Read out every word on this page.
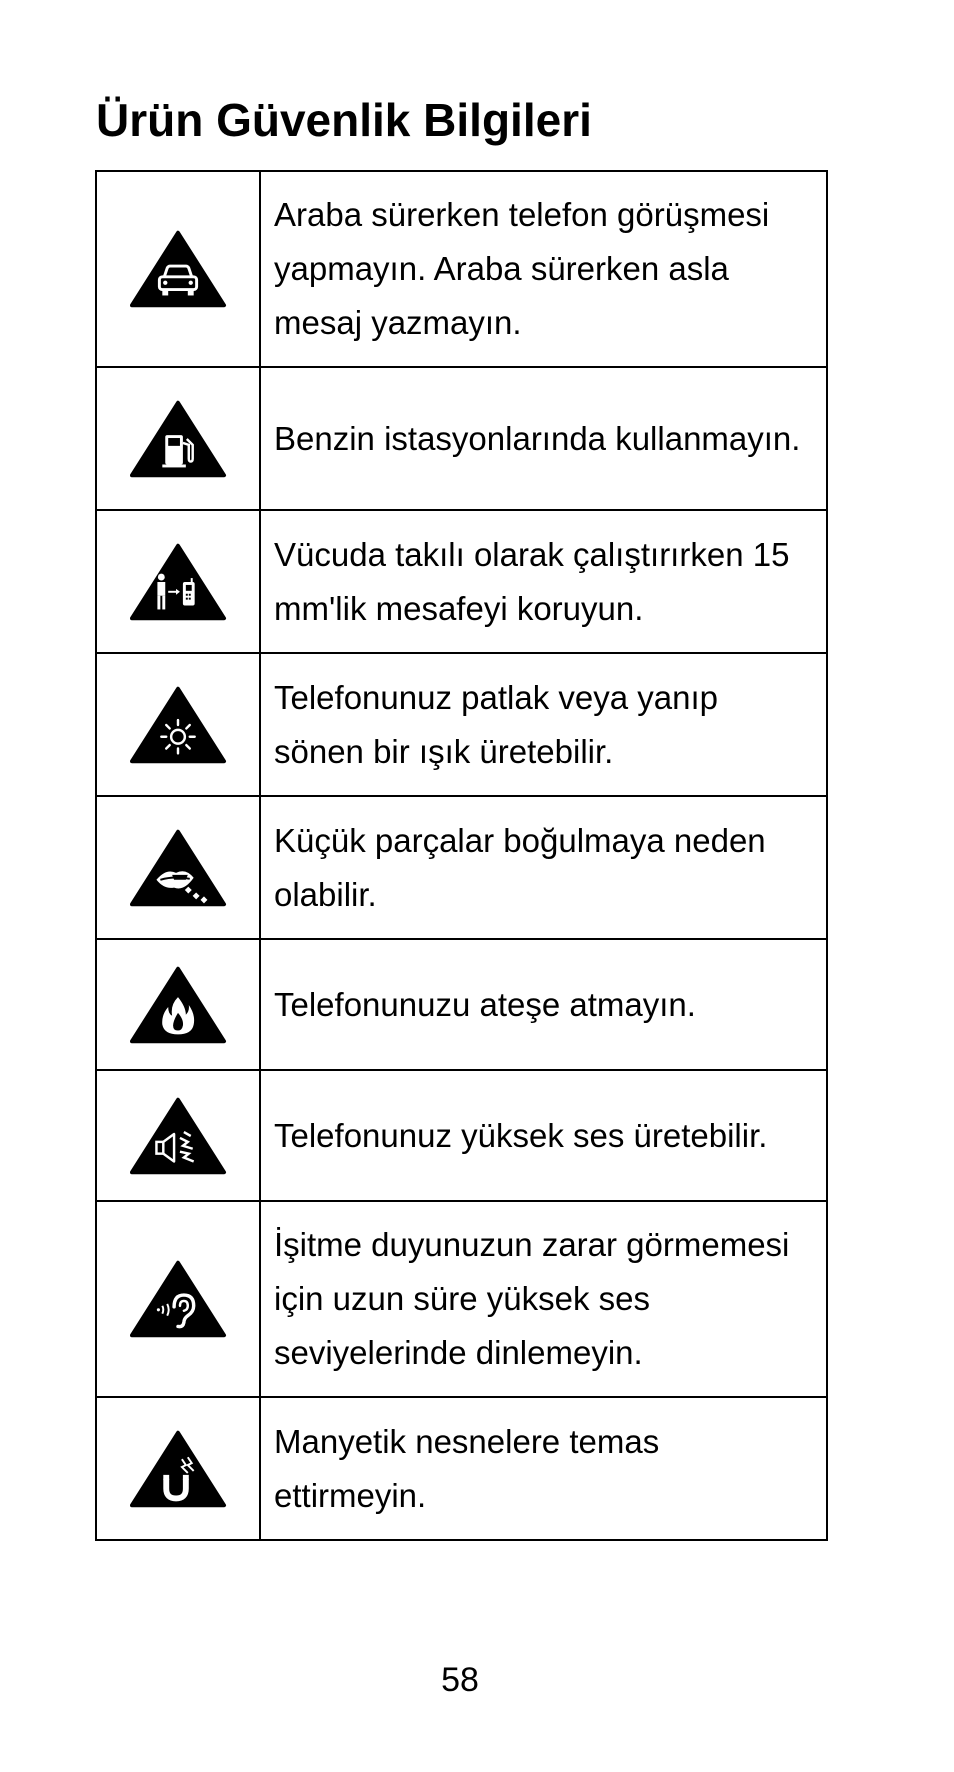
Ürün Güvenlik Bilgileri
	Araba sürerken telefon görüşmesi yapmayın. Araba sürerken asla mesaj yazmayın.
	Benzin istasyonlarında kullanmayın.
	Vücuda takılı olarak çalıştırırken 15 mm'lik mesafeyi koruyun.
	Telefonunuz patlak veya yanıp sönen bir ışık üretebilir.
	Küçük parçalar boğulmaya neden olabilir.
	Telefonunuzu ateşe atmayın.
	Telefonunuz yüksek ses üretebilir.
	İşitme duyunuzun zarar görmemesi için uzun süre yüksek ses seviyelerinde dinlemeyin.
	Manyetik nesnelere temas ettirmeyin.
58
